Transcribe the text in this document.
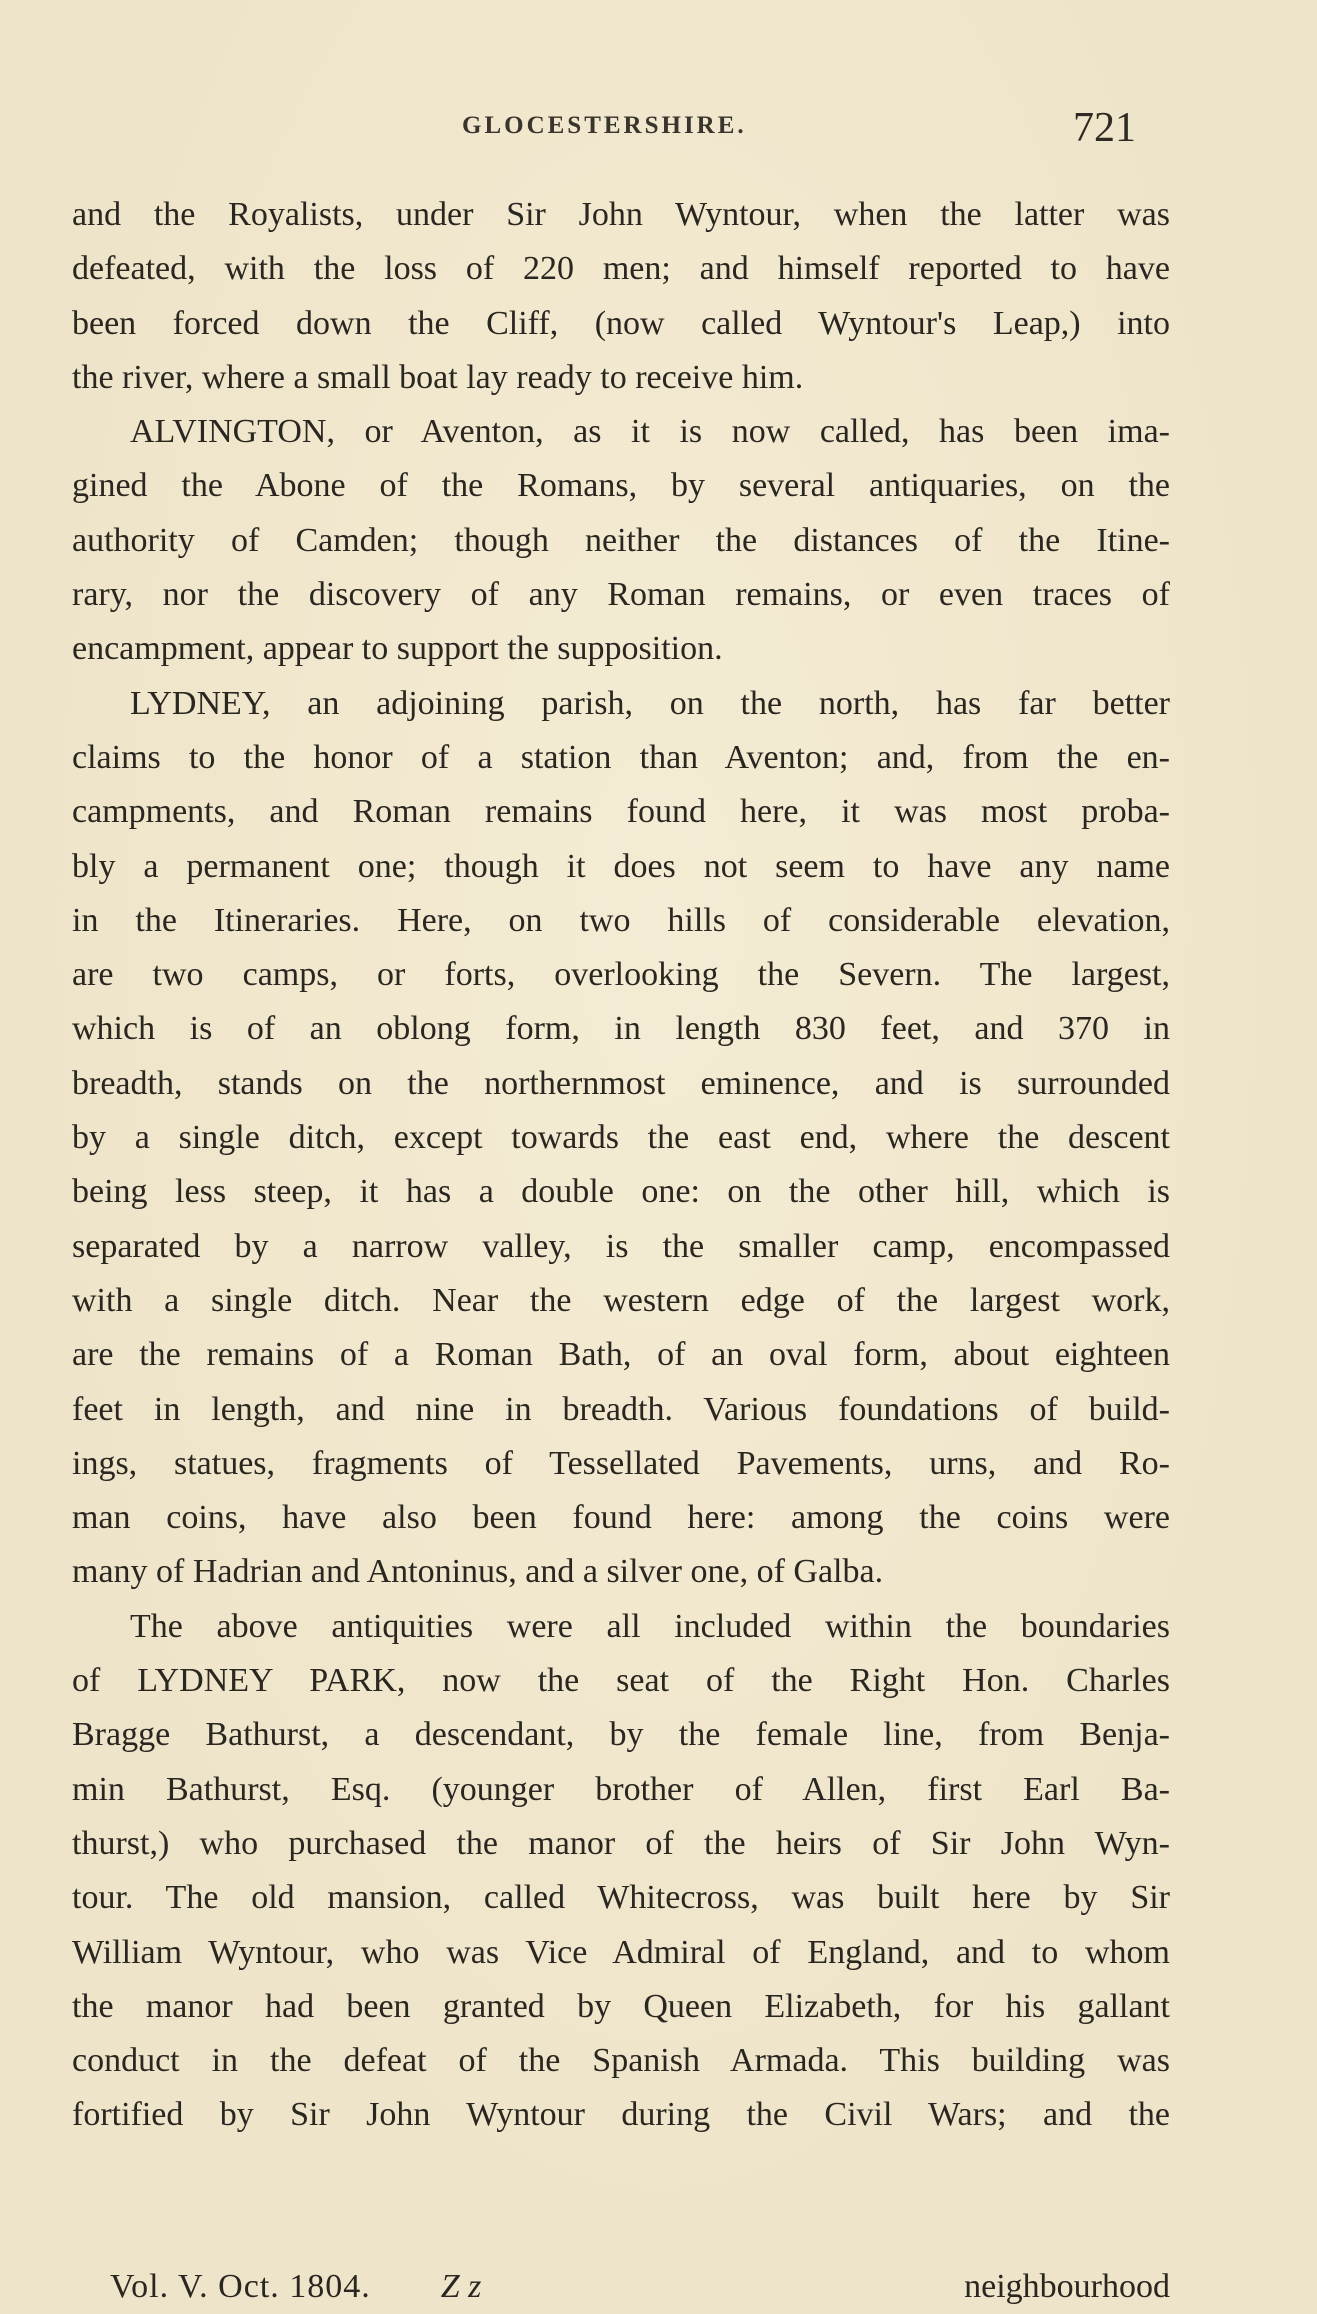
GLOCESTERSHIRE.	721
and the Royalists, under Sir John Wyntour, when the latter was
defeated, with the loss of 220 men; and himself reported to have
been forced down the Cliff, (now called Wyntour's Leap,) into
the river, where a small boat lay ready to receive him.
ALVINGTON, or Aventon, as it is now called, has been ima-
gined the Abone of the Romans, by several antiquaries, on the
authority of Camden; though neither the distances of the Itine-
rary, nor the discovery of any Roman remains, or even traces of
encampment, appear to support the supposition.
LYDNEY, an adjoining parish, on the north, has far better
claims to the honor of a station than Aventon; and, from the en-
campments, and Roman remains found here, it was most proba-
bly a permanent one; though it does not seem to have any name
in the Itineraries. Here, on two hills of considerable elevation,
are two camps, or forts, overlooking the Severn. The largest,
which is of an oblong form, in length 830 feet, and 370 in
breadth, stands on the northernmost eminence, and is surrounded
by a single ditch, except towards the east end, where the descent
being less steep, it has a double one: on the other hill, which is
separated by a narrow valley, is the smaller camp, encompassed
with a single ditch. Near the western edge of the largest work,
are the remains of a Roman Bath, of an oval form, about eighteen
feet in length, and nine in breadth. Various foundations of build-
ings, statues, fragments of Tessellated Pavements, urns, and Ro-
man coins, have also been found here: among the coins were
many of Hadrian and Antoninus, and a silver one, of Galba.
The above antiquities were all included within the boundaries
of LYDNEY PARK, now the seat of the Right Hon. Charles
Bragge Bathurst, a descendant, by the female line, from Benja-
min Bathurst, Esq. (younger brother of Allen, first Earl Ba-
thurst,) who purchased the manor of the heirs of Sir John Wyn-
tour. The old mansion, called Whitecross, was built here by Sir
William Wyntour, who was Vice Admiral of England, and to whom
the manor had been granted by Queen Elizabeth, for his gallant
conduct in the defeat of the Spanish Armada. This building was
fortified by Sir John Wyntour during the Civil Wars; and the
Vol. V. Oct. 1804. Z z	neighbourhood
